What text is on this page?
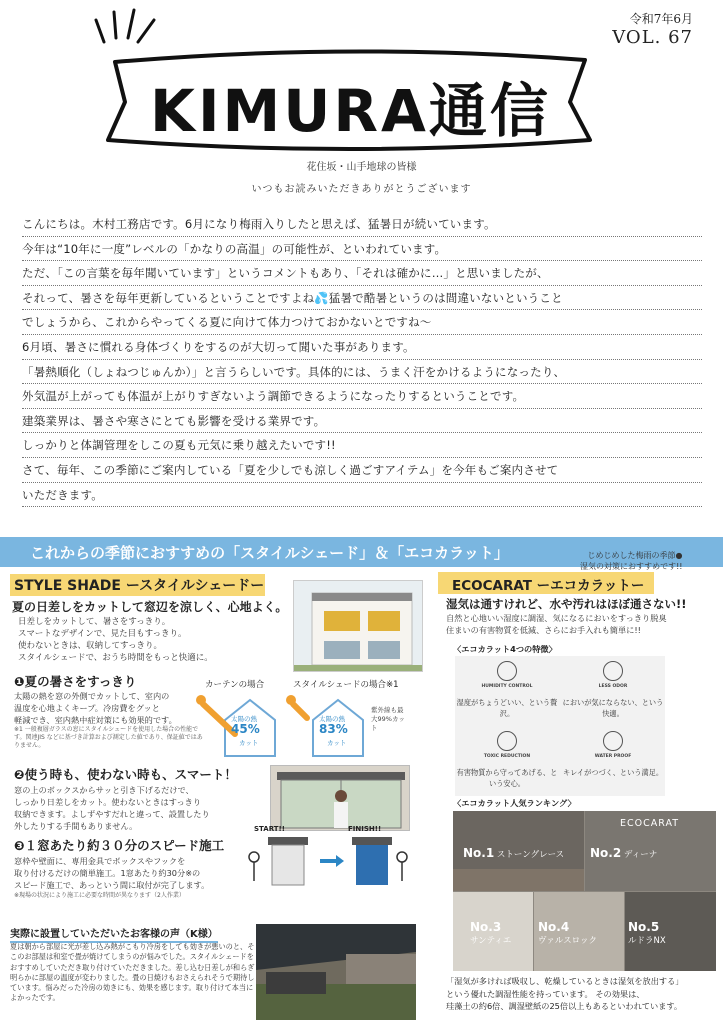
KIMURA通信
令和7年6月
VOL. 67
花住坂・山手地球の皆様
いつもお読みいただきありがとうございます
こんにちは。木村工務店です。6月になり梅雨入りしたと思えば、猛暑日が続いています。
今年は“10年に一度”レベルの「かなりの高温」の可能性が、といわれています。
ただ、「この言葉を毎年聞いています」というコメントもあり、「それは確かに…」と思いましたが、
それって、暑さを毎年更新しているということですよね💦猛暑で酷暑というのは間違いないということ
でしょうから、これからやってくる夏に向けて体力つけておかないとですね～
6月頃、暑さに慣れる身体づくりをするのが大切って聞いた事があります。
「暑熱順化（しょねつじゅんか）」と言うらしいです。具体的には、うまく汗をかけるようになったり、
外気温が上がっても体温が上がりすぎないよう調節できるようになったりするということです。
建築業界は、暑さや寒さにとても影響を受ける業界です。
しっかりと体調管理をしこの夏も元気に乗り越えたいです!!
さて、毎年、この季節にご案内している「夏を少しでも涼しく過ごすアイテム」を今年もご案内させて
いただきます。
これからの季節におすすめの「スタイルシェード」＆「エコカラット」
STYLE SHADE ースタイルシェードー
夏の日差しをカットして窓辺を涼しく、心地よく。
日差しをカットして、暑さをすっきり。
スマートなデザインで、見た目もすっきり。
使わないときは、収納してすっきり。
スタイルシェードで、おうち時間をもっと快適に。
❶夏の暑さをすっきり
太陽の熱を窓の外側でカットして、室内の
温度を心地よくキープ。冷房費をグッと
軽減でき、室内熱中症対策にも効果的です。
※1 一般複層ガラスの窓にスタイルシェードを使用した場合の性能です。関連JIS などに基づき計算および測定した値であり、保証値ではありません。
カーテンの場合	スタイルシェードの場合※1
太陽の熱
45%
カット
太陽の熱
83%
カット
紫外線も最大99%カット
❷使う時も、使わない時も、スマート！
窓の上のボックスからサッと引き下げるだけで、
しっかり日差しをカット。使わないときはすっきり
収納できます。よしずやすだれと違って、設置したり
外したりする手間もありません。
❸１窓あたり約３０分のスピード施工
窓枠や壁面に、専用金具でボックスやフックを
取り付けるだけの簡単施工。1窓あたり約30分※の
スピード施工で、あっという間に取付が完了します。
※現場の状況により施工に必要な時間が異なります（2人作業）
START!!	FINISH!!
実際に設置していただいたお客様の声（K様）
夏は朝から部屋に光が差し込み熱がこもり冷房をしても効きが悪いのと、そこのお部屋は和室で畳が焼けてしまうのが悩みでした。スタイルシェードをおすすめしていただき取り付けていただきました。差し込む日差しが和らぎ明らかに部屋の温度が変わりました。畳の日焼けもおさえられそうで期待しています。悩みだった冷房の効きにも、効果を感じます。取り付けて本当によかったです。
じめじめした梅雨の季節●
湿気の対策におすすめです!!
ECOCARAT ーエコカラットー
湿気は通すけれど、水や汚れはほぼ通さない!!
自然と心地いい湿度に調湿、気になるにおいをすっきり脱臭
住まいの有害物質を低減、さらにお手入れも簡単に!!
〈エコカラット4つの特徴〉
HUMIDITY CONTROL
湿度がちょうどいい、という贅沢。
LESS ODOR
においが気にならない、という快適。
TOXIC REDUCTION
有害物質から守ってあげる、という安心。
WATER PROOF
キレイがつづく、という満足。
〈エコカラット人気ランキング〉
ECOCARAT
No.1 ストーングレース No.2 ディーナ
No.3
サンティエ
No.4
ヴァルスロック
No.5
ルドラNX
「湿気が多ければ吸収し、乾燥しているときは湿気を放出する」
という優れた調湿性能を持っています。 その効果は、
珪藻土の約6倍、調湿壁紙の25倍以上もあるといわれています。
